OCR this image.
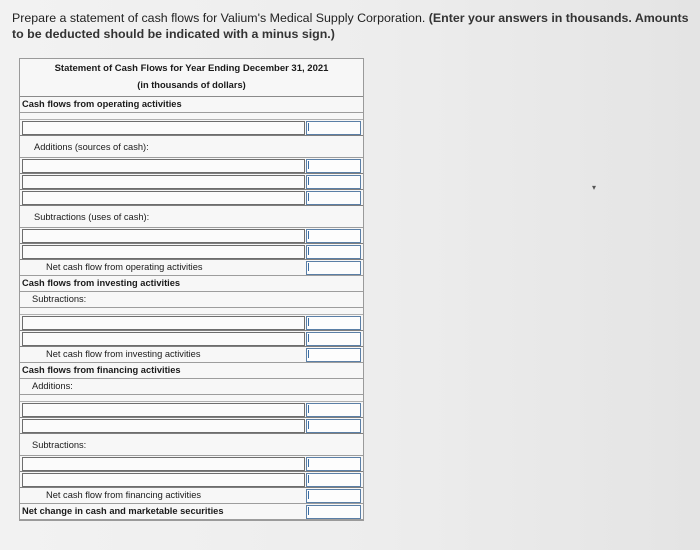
Prepare a statement of cash flows for Valium's Medical Supply Corporation. (Enter your answers in thousands. Amounts to be deducted should be indicated with a minus sign.)
Statement of Cash Flows for Year Ending December 31, 2021
(in thousands of dollars)
Cash flows from operating activities
Additions (sources of cash):
Subtractions (uses of cash):
Net cash flow from operating activities
Cash flows from investing activities
Subtractions:
Net cash flow from investing activities
Cash flows from financing activities
Additions:
Subtractions:
Net cash flow from financing activities
Net change in cash and marketable securities
▾
